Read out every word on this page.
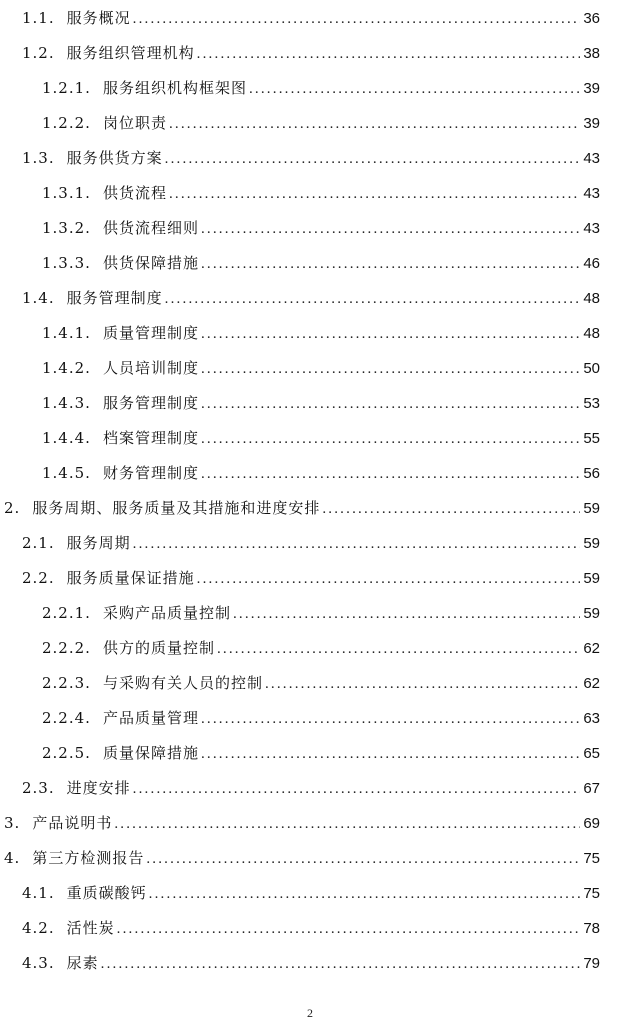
1.1. 服务概况 .....	36
1.2. 服务组织管理机构 .....	38
1.2.1. 服务组织机构框架图 .....	39
1.2.2. 岗位职责 .....	39
1.3. 服务供货方案 .....	43
1.3.1. 供货流程 .....	43
1.3.2. 供货流程细则 .....	43
1.3.3. 供货保障措施 .....	46
1.4. 服务管理制度 .....	48
1.4.1. 质量管理制度 .....	48
1.4.2. 人员培训制度 .....	50
1.4.3. 服务管理制度 .....	53
1.4.4. 档案管理制度 .....	55
1.4.5. 财务管理制度 .....	56
2. 服务周期、服务质量及其措施和进度安排 .....	59
2.1. 服务周期 .....	59
2.2. 服务质量保证措施 .....	59
2.2.1. 采购产品质量控制 .....	59
2.2.2. 供方的质量控制 .....	62
2.2.3. 与采购有关人员的控制 .....	62
2.2.4. 产品质量管理 .....	63
2.2.5. 质量保障措施 .....	65
2.3. 进度安排 .....	67
3. 产品说明书 .....	69
4. 第三方检测报告 .....	75
4.1. 重质碳酸钙 .....	75
4.2. 活性炭 .....	78
4.3. 尿素 .....	79
2
